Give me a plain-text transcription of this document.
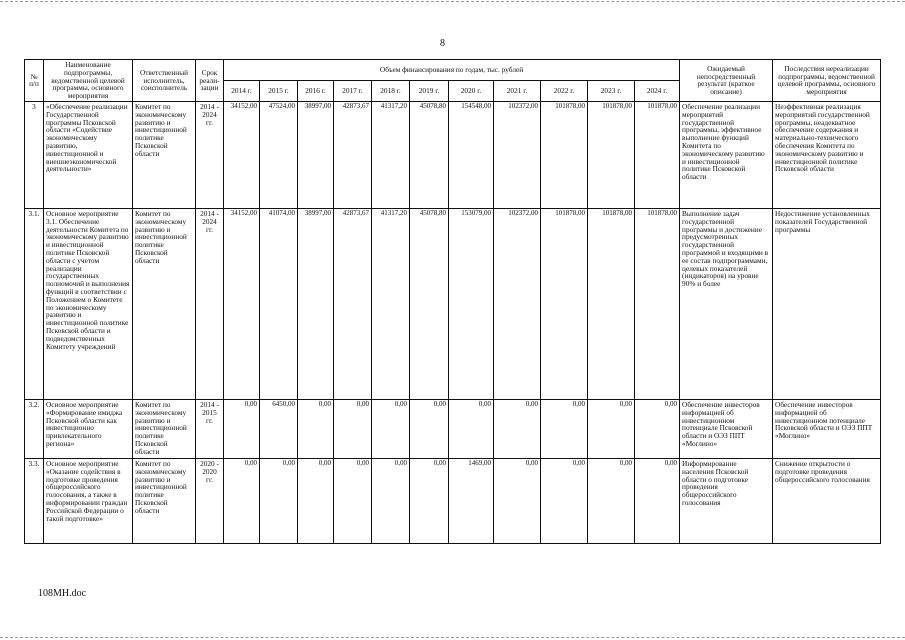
8
№ п/п	Наименование подпрограммы, ведомственной целевой программы, основного мероприятия	Ответственный исполнитель, соисполнитель	Срок реали-зации	Объем финансирования по годам, тыс. рублей											Ожидаемый непосредственный результат (краткое описание)	Последствия нереализации подпрограммы, ведомственной целевой программы, основного мероприятия
				2014 г.	2015 г.	2016 г.	2017 г.	2018 г.	2019 г.	2020 г.	2021 г.	2022 г.	2023 г.	2024 г.		
3	«Обеспечение реализации Государственной программы Псковской области «Содействие экономическому развитию, инвестиционной и внешнеэкономической деятельности»	Комитет по экономическому развитию и инвестиционной политике Псковской области	2014 - 2024 гг.	34152,00	47524,00	38997,00	42873,67	41317,20	45078,80	154548,00	102372,00	101878,00	101878,00	101878,00	Обеспечение реализации мероприятий государственной программы, эффективное выполнение функций Комитета по экономическому развитию и инвестиционной политике Псковской области	Неэффективная реализация мероприятий государственной программы, неадекватное обеспечение содержания и материально-технического обеспечения Комитета по экономическому развитию и инвестиционной политике Псковской области
3.1.	Основное мероприятие 3.1. Обеспечение деятельности Комитета по экономическому развитию и инвестиционной политике Псковской области с учетом реализации государственных полномочий и выполнения функций в соответствии с Положением о Комитете по экономическому развитию и инвестиционной политике Псковской области и подведомственных Комитету учреждений	Комитет по экономическому развитию и инвестиционной политике Псковской области	2014 - 2024 гг.	34152,00	41074,00	38997,00	42873,67	41317,20	45078,80	153079,00	102372,00	101878,00	101878,00	101878,00	Выполнение задач государственной программы и достижение предусмотренных государственной программой и входящими в ее состав подпрограммами, целевых показателей (индикаторов) на уровне 90% и более	Недостижение установленных показателей Государственной программы
3.2.	Основное мероприятие «Формирование имиджа Псковской области как инвестиционно привлекательного региона»	Комитет по экономическому развитию и инвестиционной политике Псковской области	2014 - 2015 гг.	0,00	6450,00	0,00	0,00	0,00	0,00	0,00	0,00	0,00	0,00	0,00	Обеспечение инвесторов информацией об инвестиционном потенциале Псковской области и ОЭЗ ППТ «Моглино»	Обеспечение инвесторов информацией об инвестиционном потенциале Псковской области и ОЭЗ ППТ «Моглино»
3.3.	Основное мероприятие «Оказание содействия в подготовке проведения общероссийского голосования, а также в информировании граждан Российской Федерации о такой подготовке»	Комитет по экономическому развитию и инвестиционной политике Псковской области	2020 - 2020 гг.	0,00	0,00	0,00	0,00	0,00	0,00	1469,00	0,00	0,00	0,00	0,00	Информирование населения Псковской области о подготовке проведения общероссийского голосования	Снижение открытости о подготовке проведения общероссийского голосования
108MH.doc
